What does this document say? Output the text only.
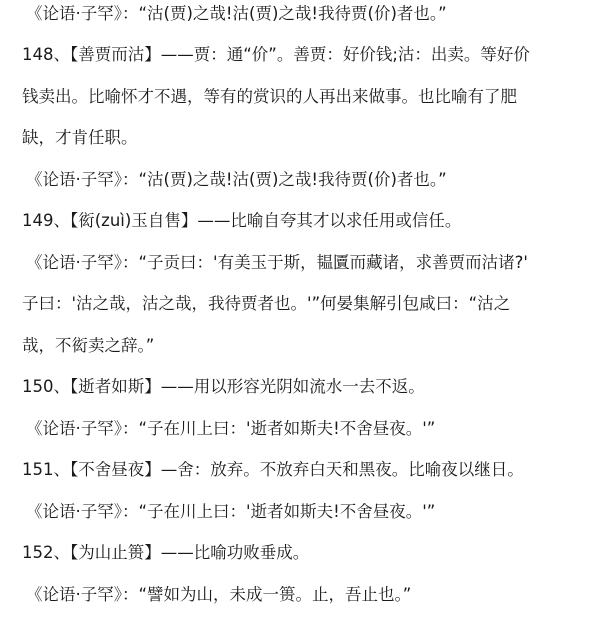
《论语·子罕》：“沽(贾)之哉!沽(贾)之哉!我待贾(价)者也。”
148、【善贾而沽】——贾：通“价”。善贾：好价钱;沽：出卖。等好价
钱卖出。比喻怀才不遇，等有的赏识的人再出来做事。也比喻有了肥
缺，才肯任职。
《论语·子罕》：“沽(贾)之哉!沽(贾)之哉!我待贾(价)者也。”
149、【衒(zuì)玉自售】——比喻自夸其才以求任用或信任。
《论语·子罕》：“子贡曰：'有美玉于斯，韫匵而藏诸，求善贾而沽诸?'
子曰：'沽之哉，沽之哉，我待贾者也。'”何晏集解引包咸曰：“沽之
哉，不衒卖之辞。”
150、【逝者如斯】——用以形容光阴如流水一去不返。
《论语·子罕》：“子在川上曰：'逝者如斯夫!不舍昼夜。'”
151、【不舍昼夜】—舍：放弃。不放弃白天和黑夜。比喻夜以继日。
《论语·子罕》：“子在川上曰：'逝者如斯夫!不舍昼夜。'”
152、【为山止篑】——比喻功败垂成。
《论语·子罕》：“譬如为山，未成一篑。止，吾止也。”
